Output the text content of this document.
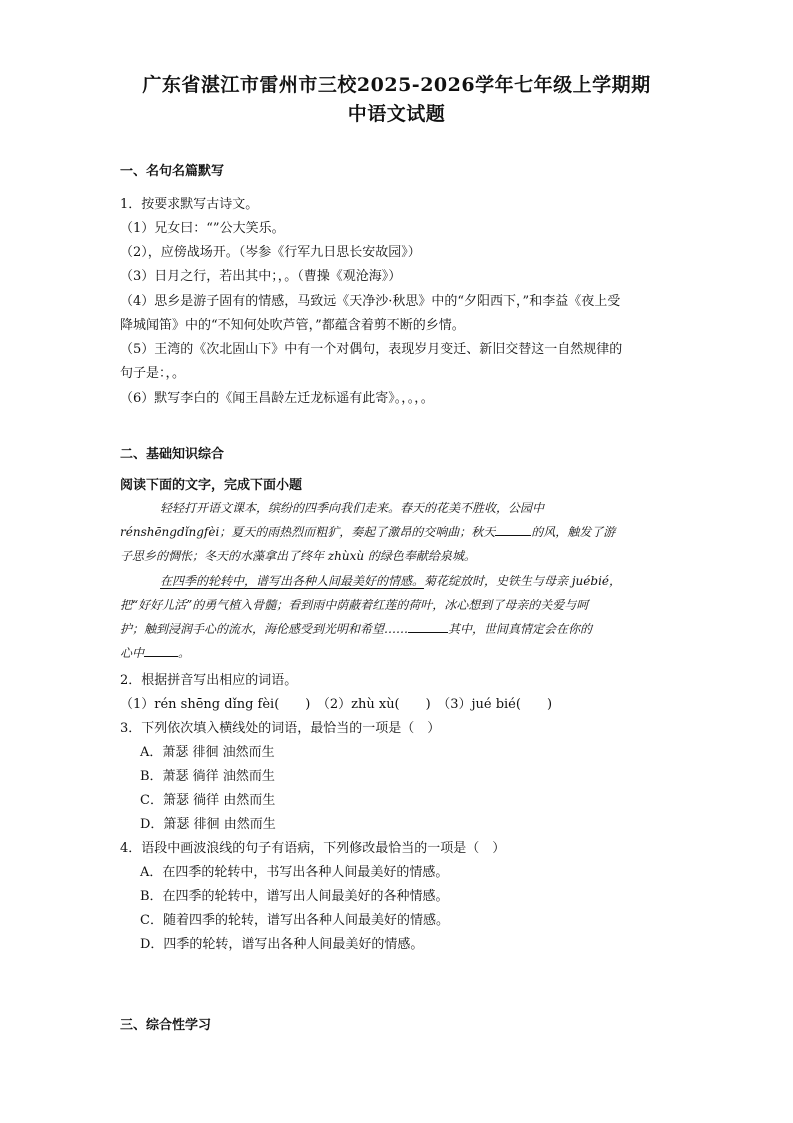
广东省湛江市雷州市三校2025-2026学年七年级上学期期
中语文试题
一、名句名篇默写
1．按要求默写古诗文。
（1）兄女曰：“”公大笑乐。
（2），应傍战场开。（岑参《行军九日思长安故园》）
（3）日月之行，若出其中；，。（曹操《观沧海》）
（4）思乡是游子固有的情感，马致远《天净沙·秋思》中的“夕阳西下，”和李益《夜上受
降城闻笛》中的“不知何处吹芦管，”都蕴含着剪不断的乡情。
（5）王湾的《次北固山下》中有一个对偶句，表现岁月变迁、新旧交替这一自然规律的
句子是：，。
（6）默写李白的《闻王昌龄左迁龙标遥有此寄》。，。，。
二、基础知识综合
阅读下面的文字，完成下面小题
轻轻打开语文课本，缤纷的四季向我们走来。春天的花美不胜收，公园中
rénshēngdǐngfèi；夏天的雨热烈而粗犷，奏起了激昂的交响曲；秋天	的风，触发了游
子思乡的惆怅；冬天的水藻拿出了终年 zhùxù 的绿色奉献给泉城。
在四季的轮转中，谱写出各种人间最美好的情感。菊花绽放时，史铁生与母亲 juébié，
把“好好儿活”的勇气植入骨髓；看到雨中荫蔽着红莲的荷叶，冰心想到了母亲的关爱与呵
护；触到浸润手心的流水，海伦感受到光明和希望……	其中，世间真情定会在你的
心中	。
2．根据拼音写出相应的词语。
（1）rén shēng dǐng fèi(　　)　（2）zhù xù(　　)　（3）jué bié(　　)
3．下列依次填入横线处的词语，最恰当的一项是（　）
A．萧瑟 徘徊 油然而生
B．萧瑟 徜徉 油然而生
C．箫瑟 徜徉 由然而生
D．箫瑟 徘徊 由然而生
4．语段中画波浪线的句子有语病，下列修改最恰当的一项是（　）
A．在四季的轮转中，书写出各种人间最美好的情感。
B．在四季的轮转中，谱写出人间最美好的各种情感。
C．随着四季的轮转，谱写出各种人间最美好的情感。
D．四季的轮转，谱写出各种人间最美好的情感。
三、综合性学习
